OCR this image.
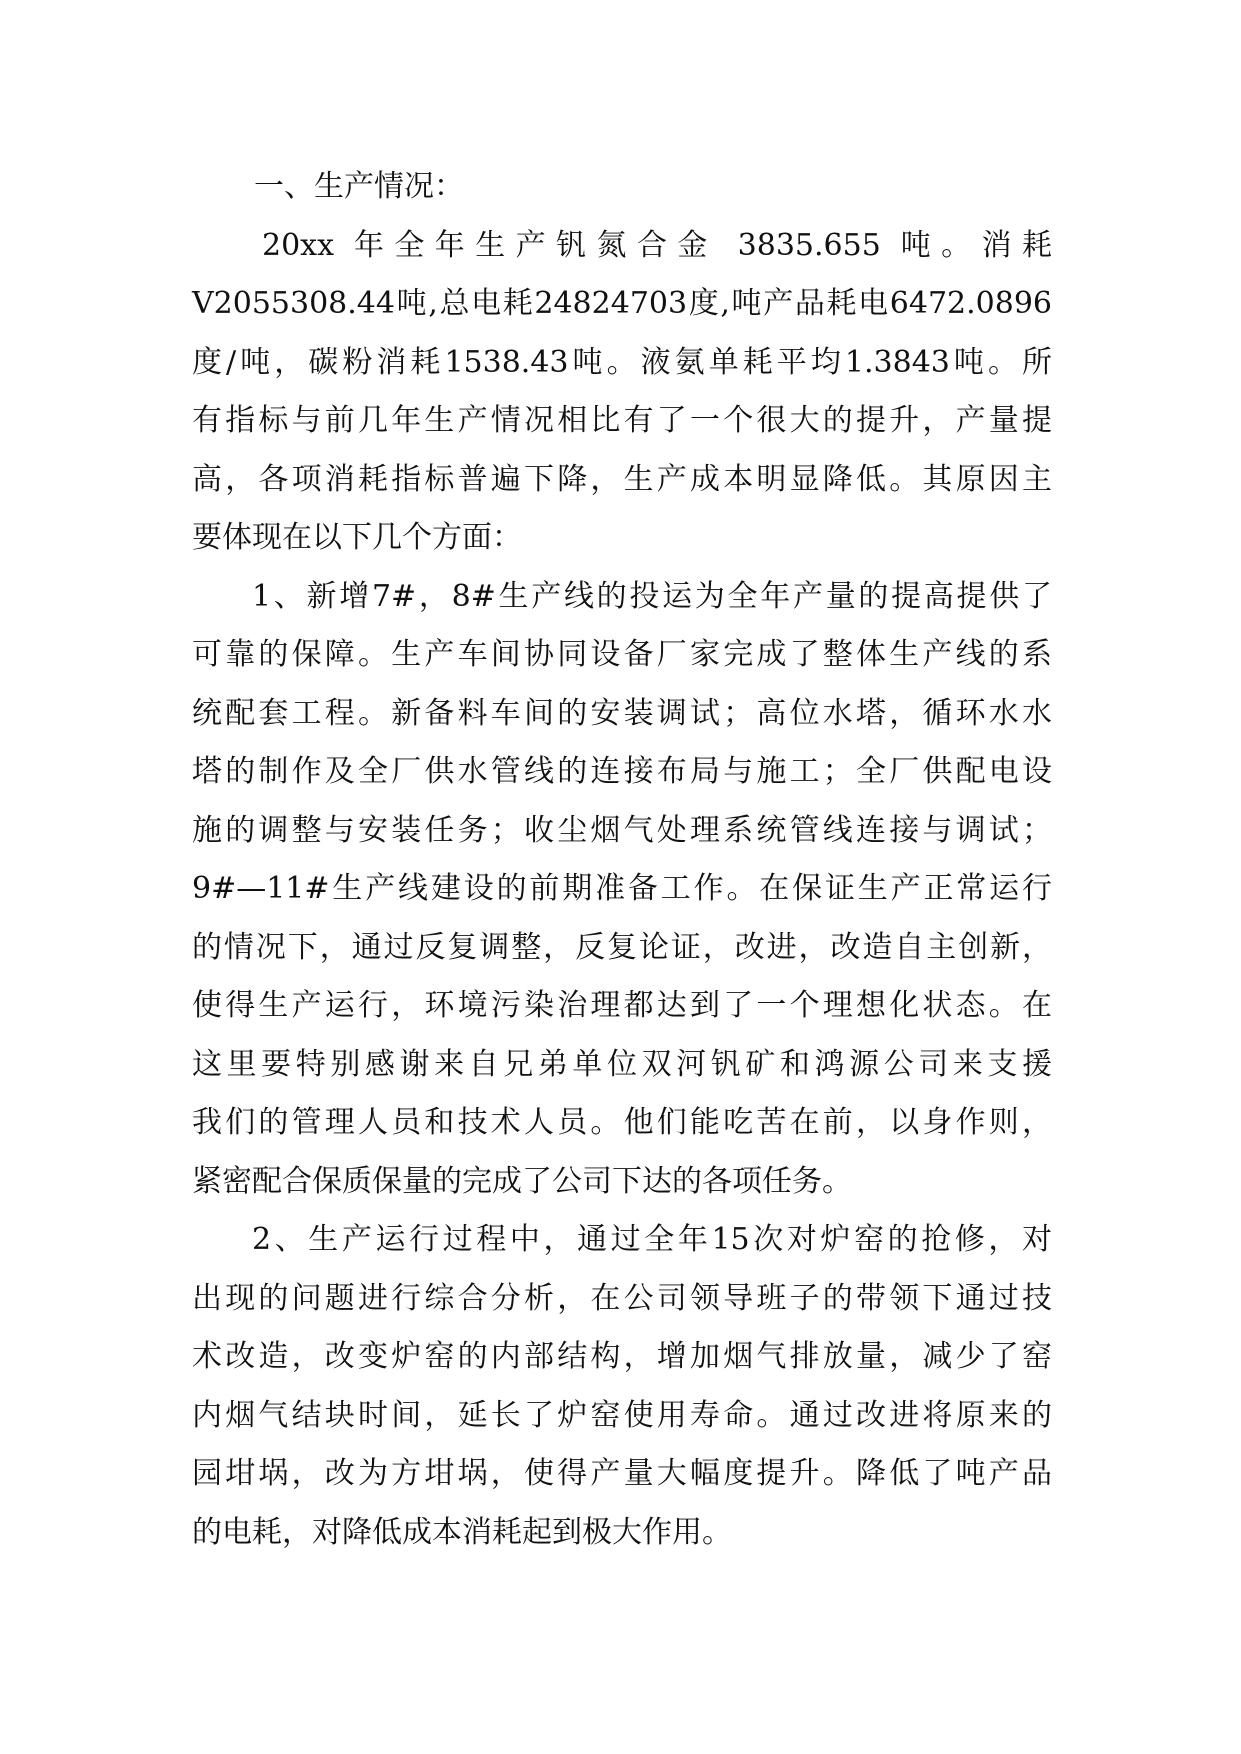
一、生产情况：
20xx 年全年生产钒氮合金 3835.655 吨。消耗
V2055308.44吨,总电耗24824703度,吨产品耗电6472.0896
度/吨，碳粉消耗1538.43吨。液氨单耗平均1.3843吨。所
有指标与前几年生产情况相比有了一个很大的提升，产量提
高，各项消耗指标普遍下降，生产成本明显降低。其原因主
要体现在以下几个方面：
1、新增7#，8#生产线的投运为全年产量的提高提供了
可靠的保障。生产车间协同设备厂家完成了整体生产线的系
统配套工程。新备料车间的安装调试；高位水塔，循环水水
塔的制作及全厂供水管线的连接布局与施工；全厂供配电设
施的调整与安装任务；收尘烟气处理系统管线连接与调试；
9#—11#生产线建设的前期准备工作。在保证生产正常运行
的情况下，通过反复调整，反复论证，改进，改造自主创新，
使得生产运行，环境污染治理都达到了一个理想化状态。在
这里要特别感谢来自兄弟单位双河钒矿和鸿源公司来支援
我们的管理人员和技术人员。他们能吃苦在前，以身作则，
紧密配合保质保量的完成了公司下达的各项任务。
2、生产运行过程中，通过全年15次对炉窑的抢修，对
出现的问题进行综合分析，在公司领导班子的带领下通过技
术改造，改变炉窑的内部结构，增加烟气排放量，减少了窑
内烟气结块时间，延长了炉窑使用寿命。通过改进将原来的
园坩埚，改为方坩埚，使得产量大幅度提升。降低了吨产品
的电耗，对降低成本消耗起到极大作用。
